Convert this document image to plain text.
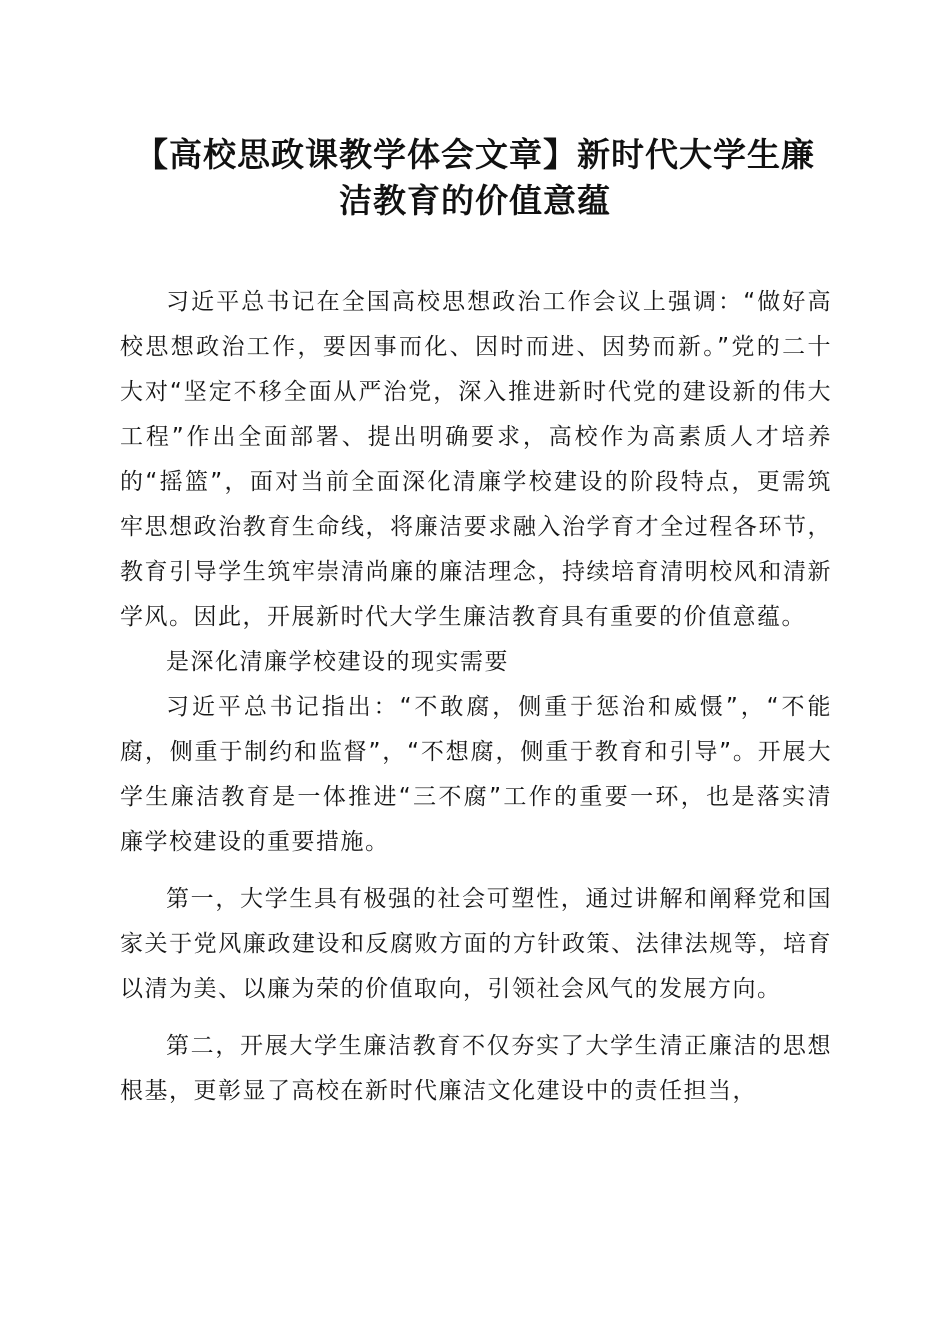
【高校思政课教学体会文章】新时代大学生廉
洁教育的价值意蕴

习近平总书记在全国高校思想政治工作会议上强调：“做好高校思想政治工作，要因事而化、因时而进、因势而新。”党的二十大对“坚定不移全面从严治党，深入推进新时代党的建设新的伟大工程”作出全面部署、提出明确要求，高校作为高素质人才培养的“摇篮”，面对当前全面深化清廉学校建设的阶段特点，更需筑牢思想政治教育生命线，将廉洁要求融入治学育才全过程各环节，教育引导学生筑牢崇清尚廉的廉洁理念，持续培育清明校风和清新学风。因此，开展新时代大学生廉洁教育具有重要的价值意蕴。

是深化清廉学校建设的现实需要

习近平总书记指出：“不敢腐，侧重于惩治和威慑”，“不能腐，侧重于制约和监督”，“不想腐，侧重于教育和引导”。开展大学生廉洁教育是一体推进“三不腐”工作的重要一环，也是落实清廉学校建设的重要措施。

第一，大学生具有极强的社会可塑性，通过讲解和阐释党和国家关于党风廉政建设和反腐败方面的方针政策、法律法规等，培育以清为美、以廉为荣的价值取向，引领社会风气的发展方向。

第二，开展大学生廉洁教育不仅夯实了大学生清正廉洁的思想根基，更彰显了高校在新时代廉洁文化建设中的责任担当，
